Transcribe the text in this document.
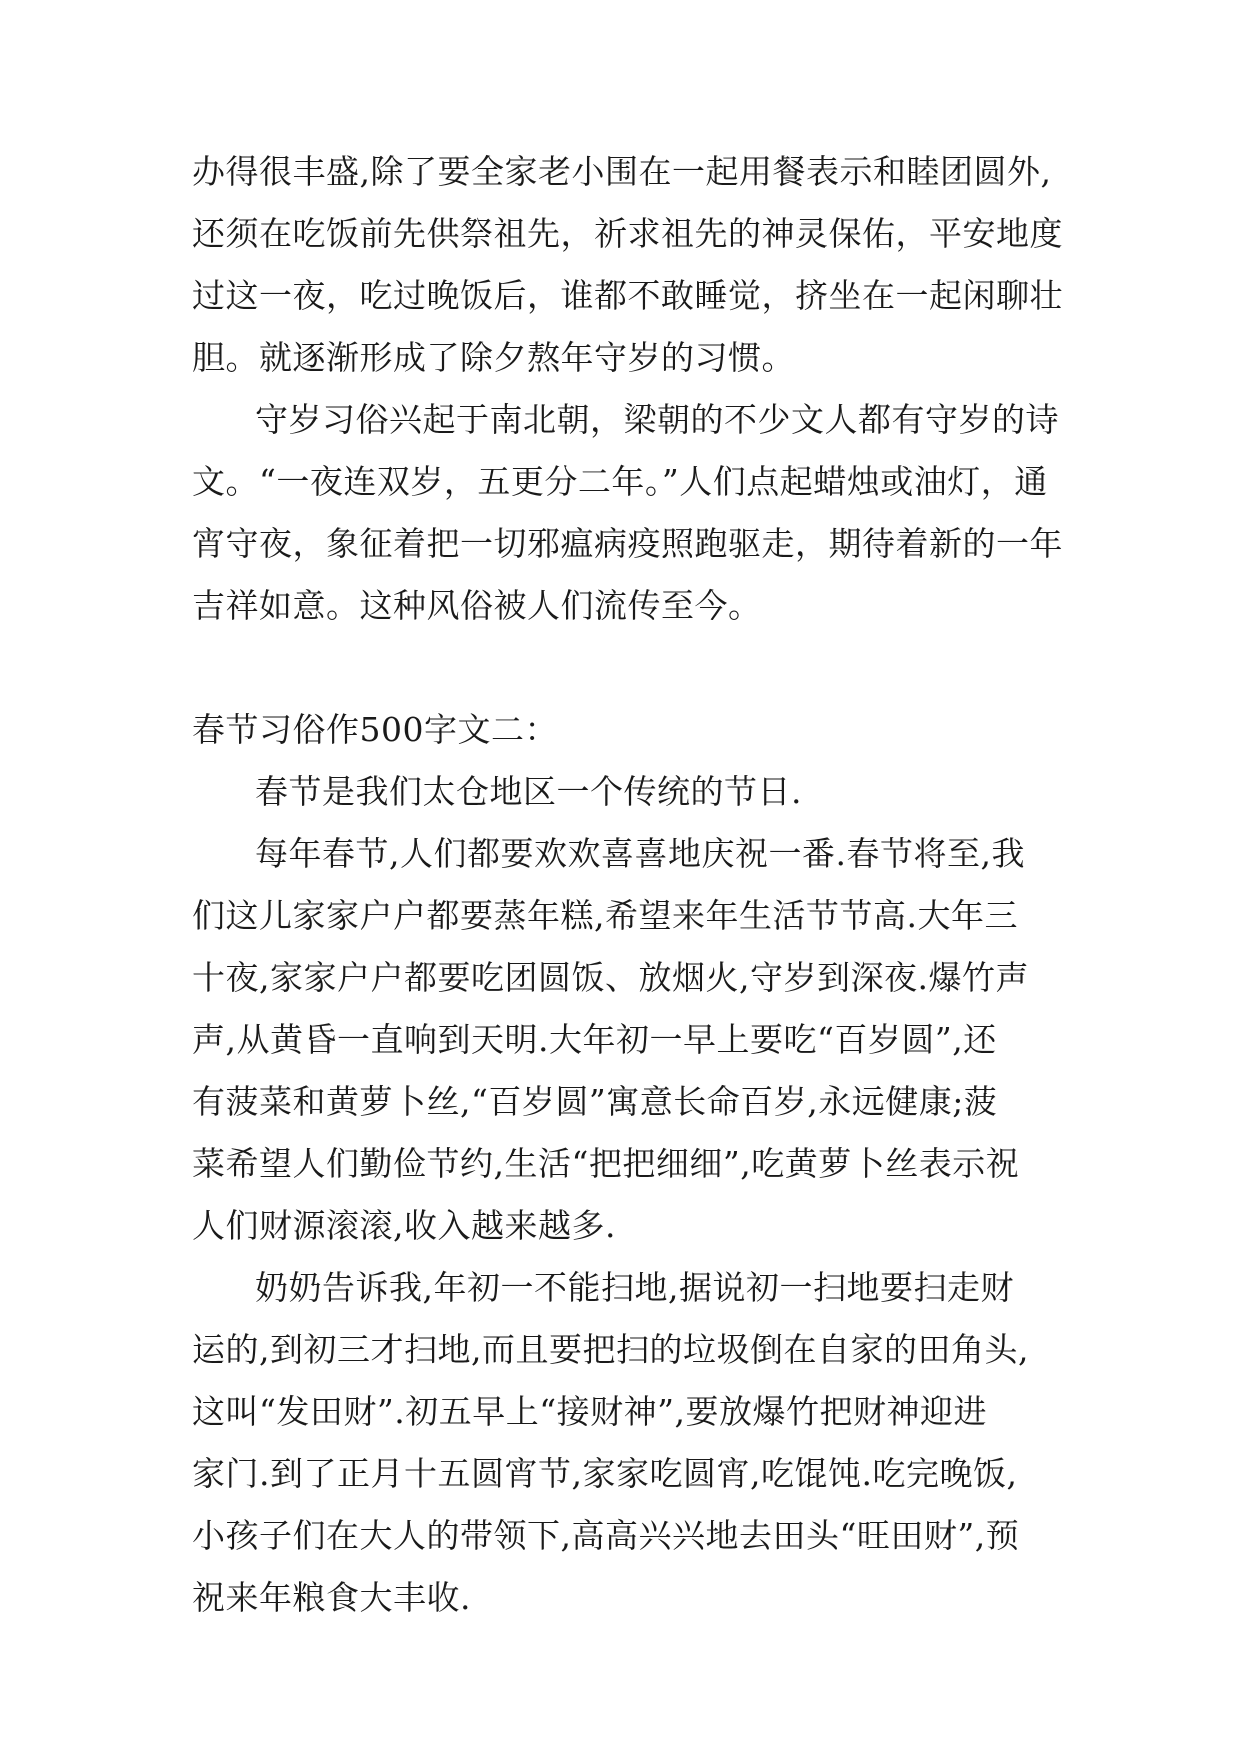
办得很丰盛,除了要全家老小围在一起用餐表示和睦团圆外,
还须在吃饭前先供祭祖先，祈求祖先的神灵保佑，平安地度
过这一夜，吃过晚饭后，谁都不敢睡觉，挤坐在一起闲聊壮
胆。就逐渐形成了除夕熬年守岁的习惯。
守岁习俗兴起于南北朝，梁朝的不少文人都有守岁的诗
文。“一夜连双岁，五更分二年。”人们点起蜡烛或油灯，通
宵守夜，象征着把一切邪瘟病疫照跑驱走，期待着新的一年
吉祥如意。这种风俗被人们流传至今。
春节习俗作500字文二：
春节是我们太仓地区一个传统的节日.
每年春节,人们都要欢欢喜喜地庆祝一番.春节将至,我
们这儿家家户户都要蒸年糕,希望来年生活节节高.大年三
十夜,家家户户都要吃团圆饭、放烟火,守岁到深夜.爆竹声
声,从黄昏一直响到天明.大年初一早上要吃“百岁圆”,还
有菠菜和黄萝卜丝,“百岁圆”寓意长命百岁,永远健康;菠
菜希望人们勤俭节约,生活“把把细细”,吃黄萝卜丝表示祝
人们财源滚滚,收入越来越多.
奶奶告诉我,年初一不能扫地,据说初一扫地要扫走财
运的,到初三才扫地,而且要把扫的垃圾倒在自家的田角头,
这叫“发田财”.初五早上“接财神”,要放爆竹把财神迎进
家门.到了正月十五圆宵节,家家吃圆宵,吃馄饨.吃完晚饭,
小孩子们在大人的带领下,高高兴兴地去田头“旺田财”,预
祝来年粮食大丰收.
